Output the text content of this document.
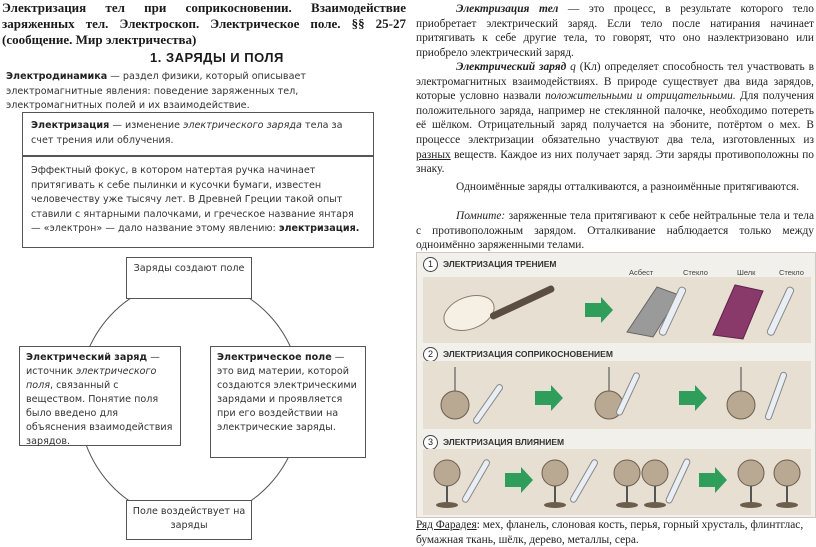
Электризация тел при соприкосновении. Взаимодействие заряженных тел. Электроскоп. Электрическое поле. §§ 25-27 (сообщение. Мир электричества)
1. ЗАРЯДЫ И ПОЛЯ
Электродинамика — раздел физики, который описывает электромагнитные явления: поведение заряженных тел, электромагнитных полей и их взаимодействие.
Электризация — изменение электрического заряда тела за счет трения или облучения.
Эффектный фокус, в котором натертая ручка начинает притягивать к себе пылинки и кусочки бумаги, известен человечеству уже тысячу лет. В Древней Греции такой опыт ставили с янтарными палочками, и греческое название янтаря — «электрон» — дало название этому явлению: электризация.
Заряды создают поле
Электрический заряд — источник электрического поля, связанный с веществом. Понятие поля было введено для объяснения взаимодействия зарядов.
Электрическое поле — это вид материи, которой создаются электрическими зарядами и проявляется при его воздействии на электрические заряды.
Поле воздействует на заряды
Электризация тел — это процесс, в результате которого тело приобретает электрический заряд. Если тело после натирания начинает притягивать к себе другие тела, то говорят, что оно наэлектризовано или приобрело электрический заряд.
Электрический заряд q (Кл) определяет способность тел участвовать в электромагнитных взаимодействиях. В природе существует два вида зарядов, которые условно назвали положительными и отрицательными. Для получения положительного заряда, например не стеклянной палочке, необходимо потереть её шёлком. Отрицательный заряд получается на эбоните, потёртом о мех. В процессе электризации обязательно участвуют два тела, изготовленных из разных веществ. Каждое из них получает заряд. Эти заряды противоположны по знаку.
Одноимённые заряды отталкиваются, а разноимённые притягиваются.
Помните: заряженные тела притягивают к себе нейтральные тела и тела с противоположным зарядом. Отталкивание наблюдается только между одноимённо заряженными телами.
1	ЭЛЕКТРИЗАЦИЯ ТРЕНИЕМ
Асбест	Стекло	Шелк	Стекло
2	ЭЛЕКТРИЗАЦИЯ СОПРИКОСНОВЕНИЕМ
3	ЭЛЕКТРИЗАЦИЯ ВЛИЯНИЕМ
Ряд Фарадея: мех, фланель, слоновая кость, перья, горный хрусталь, флинтглас, бумажная ткань, шёлк, дерево, металлы, сера.
